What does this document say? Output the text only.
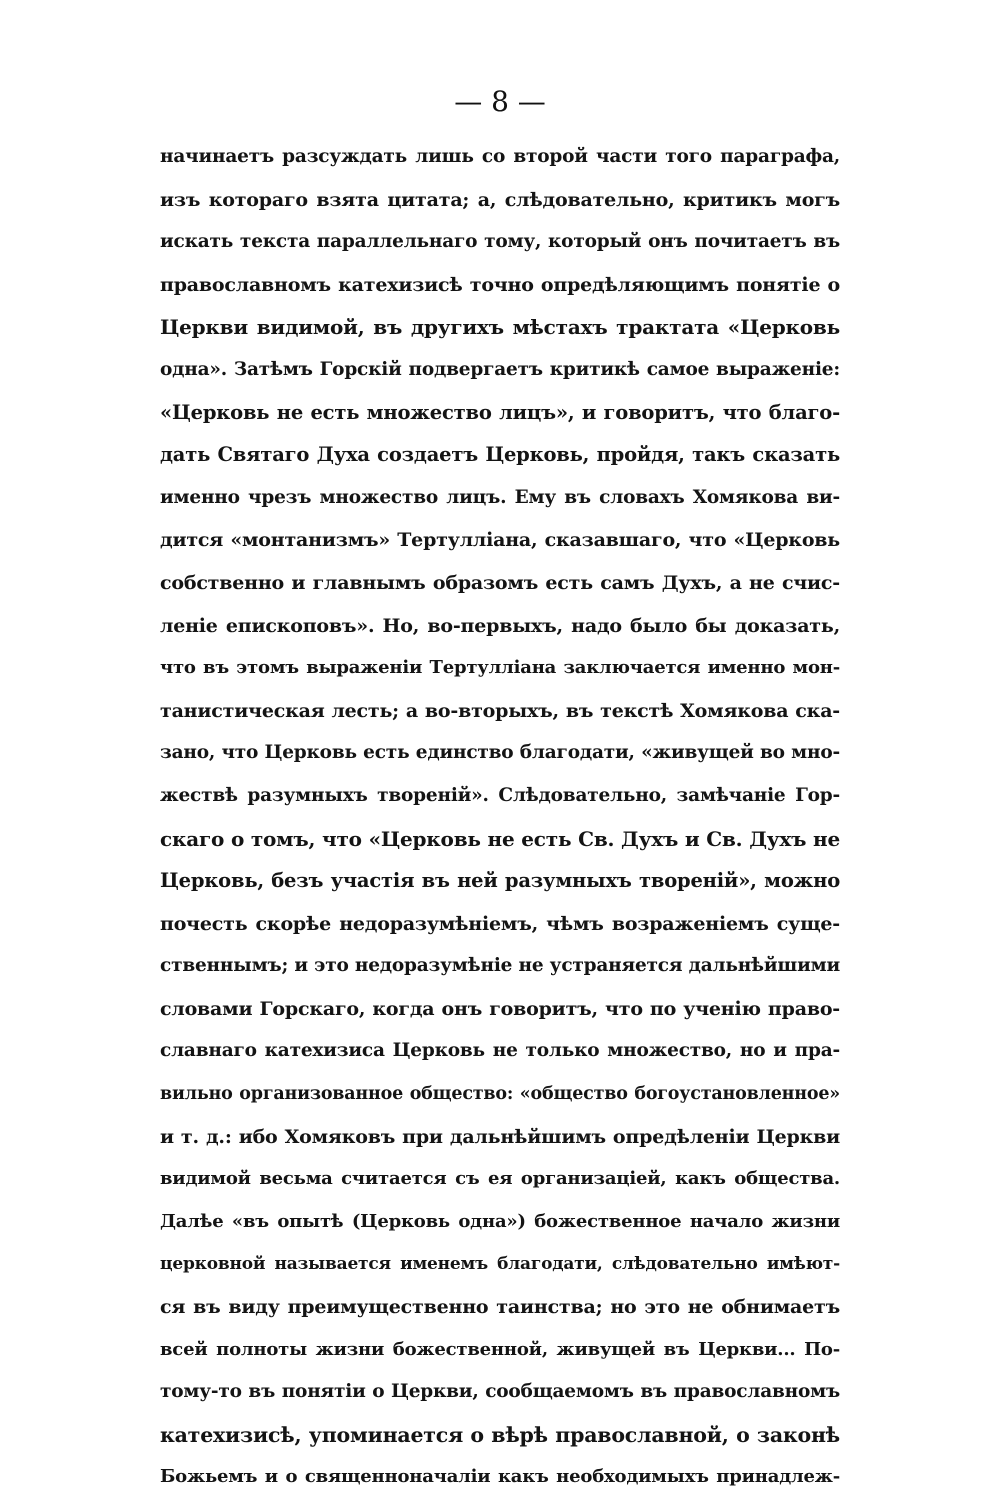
— 8 —
начинаетъ разсуждать лишь со второй части того параграфа,
изъ котораго взята цитата; а, слѣдовательно, критикъ могъ
искать текста параллельнаго тому, который онъ почитаетъ въ
православномъ катехизисѣ точно опредѣляющимъ понятіе о
Церкви видимой, въ другихъ мѣстахъ трактата «Церковь
одна». Затѣмъ Горскій подвергаетъ критикѣ самое выраженіе:
«Церковь не есть множество лицъ», и говоритъ, что благо-
дать Святаго Духа создаетъ Церковь, пройдя, такъ сказать
именно чрезъ множество лицъ. Ему въ словахъ Хомякова ви-
дится «монтанизмъ» Тертулліана, сказавшаго, что «Церковь
собственно и главнымъ образомъ есть самъ Духъ, а не счис-
леніе епископовъ». Но, во-первыхъ, надо было бы доказать,
что въ этомъ выраженіи Тертулліана заключается именно мон-
танистическая лесть; а во-вторыхъ, въ текстѣ Хомякова ска-
зано, что Церковь есть единство благодати, «живущей во мно-
жествѣ разумныхъ твореній». Слѣдовательно, замѣчаніе Гор-
скаго о томъ, что «Церковь не есть Св. Духъ и Св. Духъ не
Церковь, безъ участія въ ней разумныхъ твореній», можно
почесть скорѣе недоразумѣніемъ, чѣмъ возраженіемъ суще-
ственнымъ; и это недоразумѣніе не устраняется дальнѣйшими
словами Горскаго, когда онъ говоритъ, что по ученію право-
славнаго катехизиса Церковь не только множество, но и пра-
вильно организованное общество: «общество богоустановленное»
и т. д.: ибо Хомяковъ при дальнѣйшимъ опредѣленіи Церкви
видимой весьма считается съ ея организаціей, какъ общества.
Далѣе «въ опытѣ (Церковь одна») божественное начало жизни
церковной называется именемъ благодати, слѣдовательно имѣют-
ся въ виду преимущественно таинства; но это не обнимаетъ
всей полноты жизни божественной, живущей въ Церкви... По-
тому-то въ понятіи о Церкви, сообщаемомъ въ православномъ
катехизисѣ, упоминается о вѣрѣ православной, о законѣ
Божьемъ и о священноначаліи какъ необходимыхъ принадлеж-
